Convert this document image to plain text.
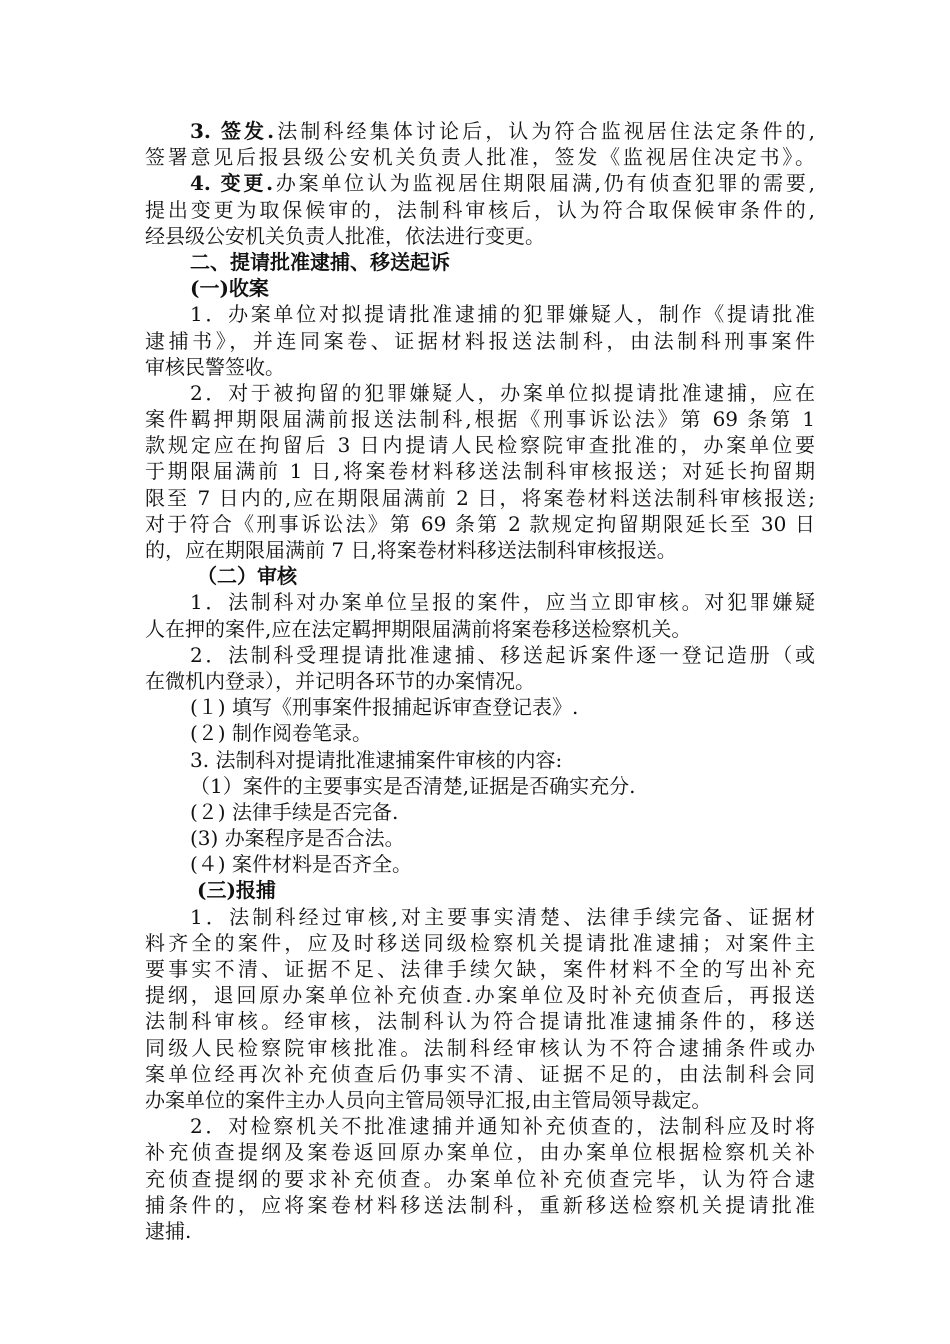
3. 签发.法制科经集体讨论后，认为符合监视居住法定条件的,
签署意见后报县级公安机关负责人批准，签发《监视居住决定书》。
4. 变更.办案单位认为监视居住期限届满,仍有侦查犯罪的需要,
提出变更为取保候审的，法制科审核后，认为符合取保候审条件的,
经县级公安机关负责人批准，依法进行变更。
二、提请批准逮捕、移送起诉
(一)收案
1．办案单位对拟提请批准逮捕的犯罪嫌疑人，制作《提请批准
逮捕书》，并连同案卷、证据材料报送法制科，由法制科刑事案件
审核民警签收。
2．对于被拘留的犯罪嫌疑人，办案单位拟提请批准逮捕，应在
案件羁押期限届满前报送法制科,根据《刑事诉讼法》第 69 条第 1
款规定应在拘留后 3 日内提请人民检察院审查批准的，办案单位要
于期限届满前 1 日,将案卷材料移送法制科审核报送；对延长拘留期
限至 7 日内的,应在期限届满前 2 日，将案卷材料送法制科审核报送;
对于符合《刑事诉讼法》第 69 条第 2 款规定拘留期限延长至 30 日
的，应在期限届满前 7 日,将案卷材料移送法制科审核报送。
（二）审核
1．法制科对办案单位呈报的案件，应当立即审核。对犯罪嫌疑
人在押的案件,应在法定羁押期限届满前将案卷移送检察机关。
2．法制科受理提请批准逮捕、移送起诉案件逐一登记造册（或
在微机内登录），并记明各环节的办案情况。
(１) 填写《刑事案件报捕起诉审查登记表》.
(２) 制作阅卷笔录。
3. 法制科对提请批准逮捕案件审核的内容:
（1）案件的主要事实是否清楚,证据是否确实充分.
(２) 法律手续是否完备.
(3) 办案程序是否合法。
(４) 案件材料是否齐全。
(三)报捕
1．法制科经过审核,对主要事实清楚、法律手续完备、证据材
料齐全的案件，应及时移送同级检察机关提请批准逮捕；对案件主
要事实不清、证据不足、法律手续欠缺，案件材料不全的写出补充
提纲，退回原办案单位补充侦查.办案单位及时补充侦查后，再报送
法制科审核。经审核，法制科认为符合提请批准逮捕条件的，移送
同级人民检察院审核批准。法制科经审核认为不符合逮捕条件或办
案单位经再次补充侦查后仍事实不清、证据不足的，由法制科会同
办案单位的案件主办人员向主管局领导汇报,由主管局领导裁定。
2．对检察机关不批准逮捕并通知补充侦查的，法制科应及时将
补充侦查提纲及案卷返回原办案单位，由办案单位根据检察机关补
充侦查提纲的要求补充侦查。办案单位补充侦查完毕，认为符合逮
捕条件的，应将案卷材料移送法制科，重新移送检察机关提请批准
逮捕.
